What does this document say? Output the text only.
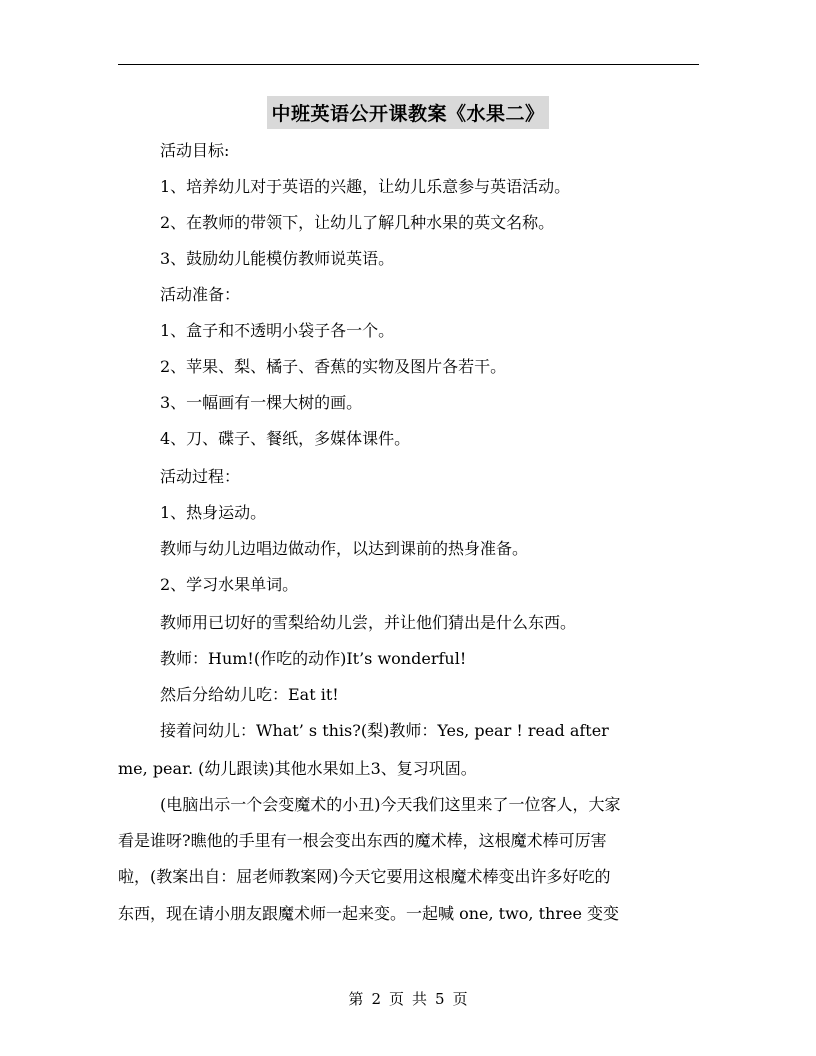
中班英语公开课教案《水果二》
活动目标:
1、培养幼儿对于英语的兴趣，让幼儿乐意参与英语活动。
2、在教师的带领下，让幼儿了解几种水果的英文名称。
3、鼓励幼儿能模仿教师说英语。
活动准备：
1、盒子和不透明小袋子各一个。
2、苹果、梨、橘子、香蕉的实物及图片各若干。
3、一幅画有一棵大树的画。
4、刀、碟子、餐纸，多媒体课件。
活动过程：
1、热身运动。
教师与幼儿边唱边做动作，以达到课前的热身准备。
2、学习水果单词。
教师用已切好的雪梨给幼儿尝，并让他们猜出是什么东西。
教师：Hum!(作吃的动作)It’s wonderful!
然后分给幼儿吃：Eat it!
接着问幼儿：What’ s this?(梨)教师：Yes, pear ! read after
me, pear. (幼儿跟读)其他水果如上3、复习巩固。
(电脑出示一个会变魔术的小丑)今天我们这里来了一位客人，大家
看是谁呀?瞧他的手里有一根会变出东西的魔术棒，这根魔术棒可厉害
啦，(教案出自：屈老师教案网)今天它要用这根魔术棒变出许多好吃的
东西，现在请小朋友跟魔术师一起来变。一起喊 one, two, three 变变
第 2 页 共 5 页
